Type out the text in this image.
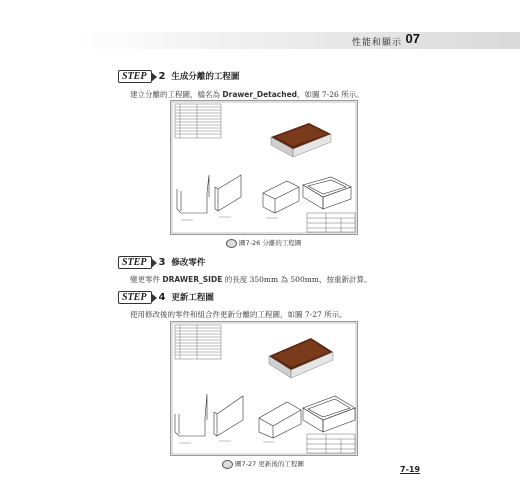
性能和顯示 07
STEP 2 生成分離的工程圖
建立分離的工程圖，檔名為 Drawer_Detached，如圖 7-26 所示。
圖7-26 分離的工程圖
STEP 3 修改零件
變更零件 DRAWER_SIDE 的長度 350mm 為 500mm，按重新計算。
STEP 4 更新工程圖
使用修改後的零件和組合件更新分離的工程圖，如圖 7-27 所示。
圖7-27 更新後的工程圖
7-19
